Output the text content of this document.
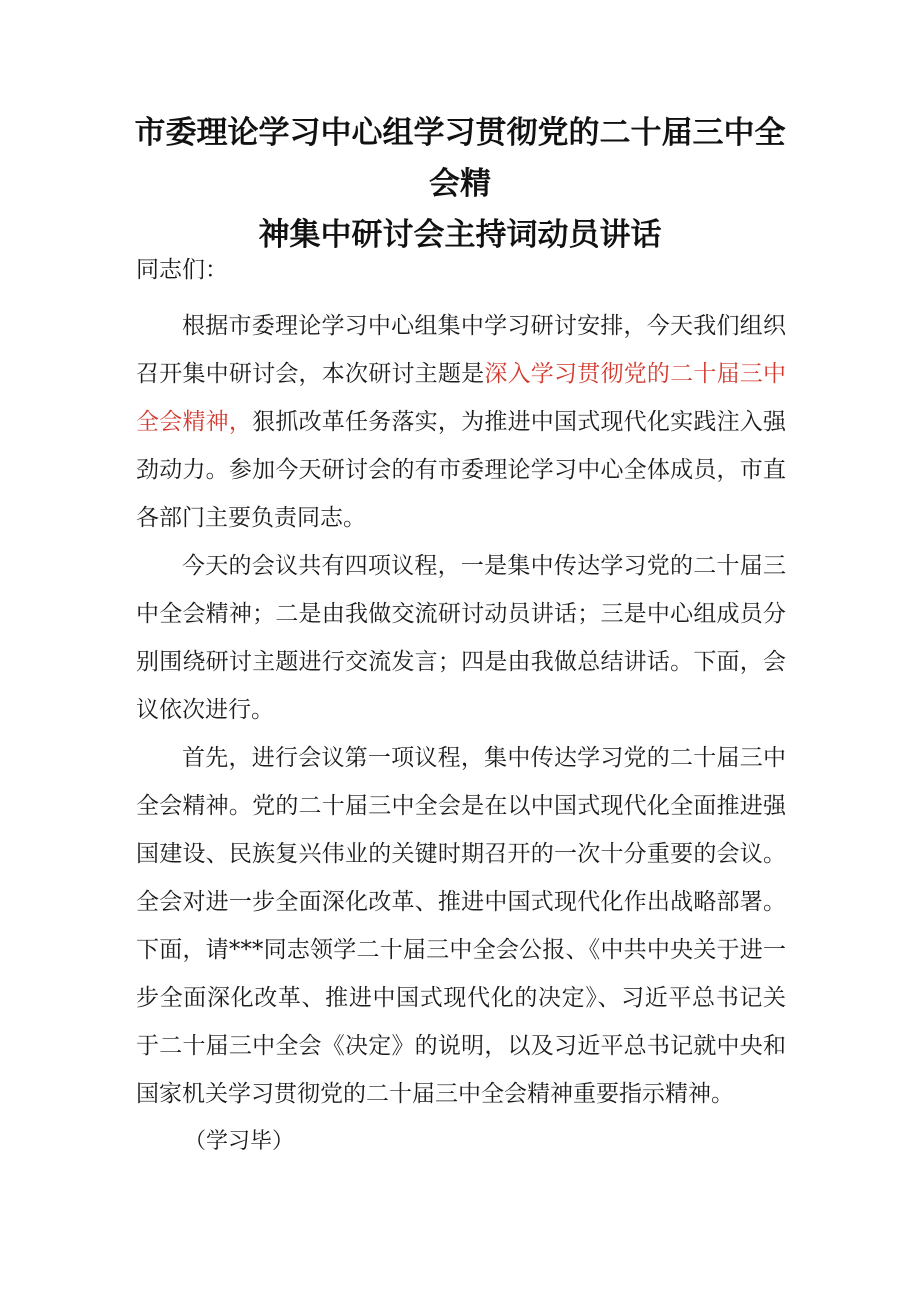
市委理论学习中心组学习贯彻党的二十届三中全会精
神集中研讨会主持词动员讲话
同志们：

根据市委理论学习中心组集中学习研讨安排，今天我们组织召开集中研讨会，本次研讨主题是深入学习贯彻党的二十届三中全会精神，狠抓改革任务落实，为推进中国式现代化实践注入强劲动力。参加今天研讨会的有市委理论学习中心全体成员，市直各部门主要负责同志。

今天的会议共有四项议程，一是集中传达学习党的二十届三中全会精神；二是由我做交流研讨动员讲话；三是中心组成员分别围绕研讨主题进行交流发言；四是由我做总结讲话。下面，会议依次进行。

首先，进行会议第一项议程，集中传达学习党的二十届三中全会精神。党的二十届三中全会是在以中国式现代化全面推进强国建设、民族复兴伟业的关键时期召开的一次十分重要的会议。全会对进一步全面深化改革、推进中国式现代化作出战略部署。下面，请***同志领学二十届三中全会公报、《中共中央关于进一步全面深化改革、推进中国式现代化的决定》、习近平总书记关于二十届三中全会《决定》的说明，以及习近平总书记就中央和国家机关学习贯彻党的二十届三中全会精神重要指示精神。

（学习毕）
